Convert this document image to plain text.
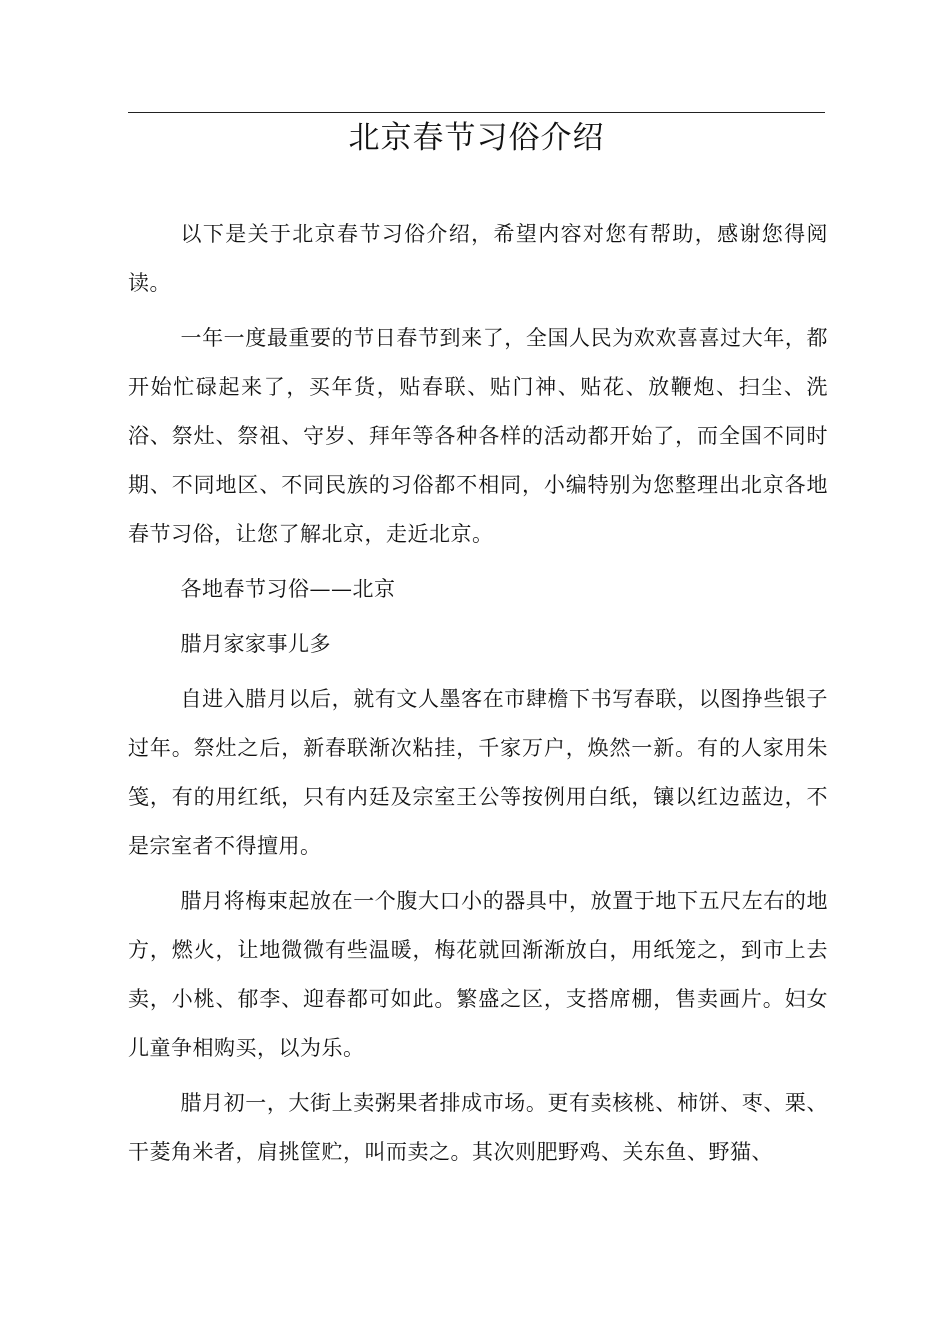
北京春节习俗介绍

以下是关于北京春节习俗介绍，希望内容对您有帮助，感谢您得阅读。

一年一度最重要的节日春节到来了，全国人民为欢欢喜喜过大年，都开始忙碌起来了，买年货，贴春联、贴门神、贴花、放鞭炮、扫尘、洗浴、祭灶、祭祖、守岁、拜年等各种各样的活动都开始了，而全国不同时期、不同地区、不同民族的习俗都不相同，小编特别为您整理出北京各地春节习俗，让您了解北京，走近北京。

各地春节习俗——北京

腊月家家事儿多

自进入腊月以后，就有文人墨客在市肆檐下书写春联，以图挣些银子过年。祭灶之后，新春联渐次粘挂，千家万户，焕然一新。有的人家用朱笺，有的用红纸，只有内廷及宗室王公等按例用白纸，镶以红边蓝边，不是宗室者不得擅用。

腊月将梅束起放在一个腹大口小的器具中，放置于地下五尺左右的地方，燃火，让地微微有些温暖，梅花就回渐渐放白，用纸笼之，到市上去卖，小桃、郁李、迎春都可如此。繁盛之区，支搭席棚，售卖画片。妇女儿童争相购买，以为乐。

腊月初一，大街上卖粥果者排成市场。更有卖核桃、柿饼、枣、栗、干菱角米者，肩挑筐贮，叫而卖之。其次则肥野鸡、关东鱼、野猫、
